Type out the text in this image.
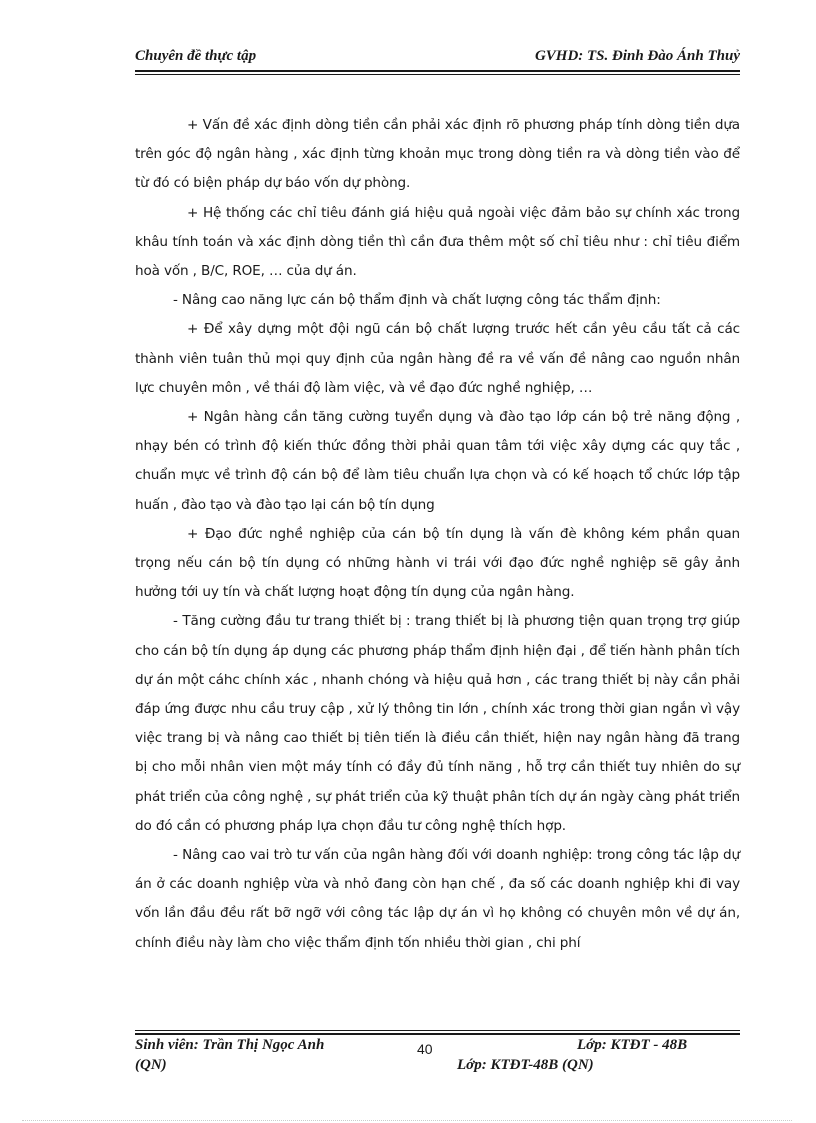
Chuyên đề thực tập	GVHD: TS. Đinh Đào Ánh Thuỷ

+ Vấn đề xác định dòng tiền cần phải xác định rõ phương pháp tính dòng tiền dựa trên góc độ ngân hàng , xác định từng khoản mục trong dòng tiền ra và dòng tiền vào để từ đó có biện pháp dự báo vốn dự phòng.

+ Hệ thống các chỉ tiêu đánh giá hiệu quả ngoài việc đảm bảo sự chính xác trong khâu tính toán và xác định dòng tiền thì cần đưa thêm một số chỉ tiêu như : chỉ tiêu điểm hoà vốn , B/C, ROE, … của dự án.

- Nâng cao năng lực cán bộ thẩm định và chất lượng công tác thẩm định:

+ Để xây dựng một đội ngũ cán bộ chất lượng trước hết cần yêu cầu tất cả các thành viên tuân thủ mọi quy định của ngân hàng đề ra về vấn đề nâng cao nguồn nhân lực chuyên môn , về thái độ làm việc, và về đạo đức nghề nghiệp, …

+ Ngân hàng cần tăng cường tuyển dụng và đào tạo lớp cán bộ trẻ năng động , nhạy bén có trình độ kiến thức đồng thời phải quan tâm tới việc xây dựng các quy tắc , chuẩn mực về trình độ cán bộ để làm tiêu chuẩn lựa chọn và có kế hoạch tổ chức lớp tập huấn , đào tạo và đào tạo lại cán bộ tín dụng

+ Đạo đức nghề nghiệp của cán bộ tín dụng là vấn đè không kém phần quan trọng nếu cán bộ tín dụng có những hành vi trái với đạo đức nghề nghiệp sẽ gây ảnh hưởng tới uy tín và chất lượng hoạt động tín dụng của ngân hàng.

- Tăng cường đầu tư trang thiết bị : trang thiết bị là phương tiện quan trọng trợ giúp cho cán bộ tín dụng áp dụng các phương pháp thẩm định hiện đại , để tiến hành phân tích dự án một cáhc chính xác , nhanh chóng và hiệu quả hơn , các trang thiết bị này cần phải đáp ứng được nhu cầu truy cập , xử lý thông tin lớn , chính xác trong thời gian ngắn vì vậy việc trang bị và nâng cao thiết bị tiên tiến là điều cần thiết, hiện nay ngân hàng đã trang bị cho mỗi nhân vien một máy tính có đầy đủ tính năng , hỗ trợ cần thiết tuy nhiên do sự phát triển của công nghệ , sự phát triển của kỹ thuật phân tích dự án ngày càng phát triển do đó cần có phương pháp lựa chọn đầu tư công nghệ thích hợp.

- Nâng cao vai trò tư vấn của ngân hàng đối với doanh nghiệp: trong công tác lập dự án ở các doanh nghiệp vừa và nhỏ đang còn hạn chế , đa số các doanh nghiệp khi đi vay vốn lần đầu đều rất bỡ ngỡ với công tác lập dự án vì họ không có chuyên môn về dự án, chính điều này làm cho việc thẩm định tốn nhiều thời gian , chi phí

Sinh viên: Trần Thị Ngọc Anh
(QN)
40	Lớp: KTĐT - 48B
Lớp: KTĐT-48B (QN)
